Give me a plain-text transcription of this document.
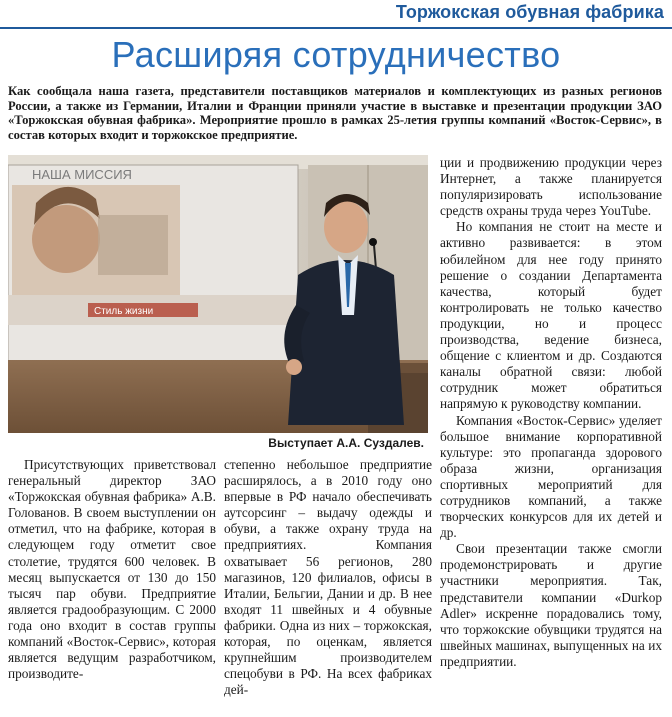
Торжокская обувная фабрика
Расширяя сотрудничество
Как сообщала наша газета, представители поставщиков материалов и комплектующих из разных регионов России, а также из Германии, Италии и Франции приняли участие в выставке и презентации продукции ЗАО «Торжокская обувная фабрика». Мероприятие прошло в рамках 25-летия группы компаний «Восток-Сервис», в состав которых входит и торжокское предприятие.
НАША МИССИЯ
Стиль жизни
Выступает А.А. Суздалев.

Присутствующих приветствовал генеральный директор ЗАО «Торжокская обувная фабрика» А.В. Голованов. В своем выступлении он отметил, что на фабрике, которая в следующем году отметит свое столетие, трудятся 600 человек. В месяц выпускается от 130 до 150 тысяч пар обуви. Предприятие является градообразующим. С 2000 года оно входит в состав группы компаний «Восток-Сервис», которая является ведущим разработчиком, производите-

степенно небольшое предприятие расширялось, а в 2010 году оно впервые в РФ начало обеспечивать аутсорсинг – выдачу одежды и обуви, а также охрану труда на предприятиях. Компания охватывает 56 регионов, 280 магазинов, 120 филиалов, офисы в Италии, Бельгии, Дании и др. В нее входят 11 швейных и 4 обувные фабрики. Одна из них – торжокская, которая, по оценкам, является крупнейшим производителем спецобуви в РФ. На всех фабриках дей-

ции и продвижению продукции через Интернет, а также планируется популяризировать использование средств охраны труда через YouTube.

Но компания не стоит на месте и активно развивается: в этом юбилейном для нее году принято решение о создании Департамента качества, который будет контролировать не только качество продукции, но и процесс производства, ведение бизнеса, общение с клиентом и др. Создаются каналы обратной связи: любой сотрудник может обратиться напрямую к руководству компании.

Компания «Восток-Сервис» уделяет большое внимание корпоративной культуре: это пропаганда здорового образа жизни, организация спортивных мероприятий для сотрудников компаний, а также творческих конкурсов для их детей и др.

Свои презентации также смогли продемонстрировать и другие участники мероприятия. Так, представители компании «Durkop Adler» искренне порадовались тому, что торжокские обувщики трудятся на швейных машинах, выпущенных на их предприятии.
